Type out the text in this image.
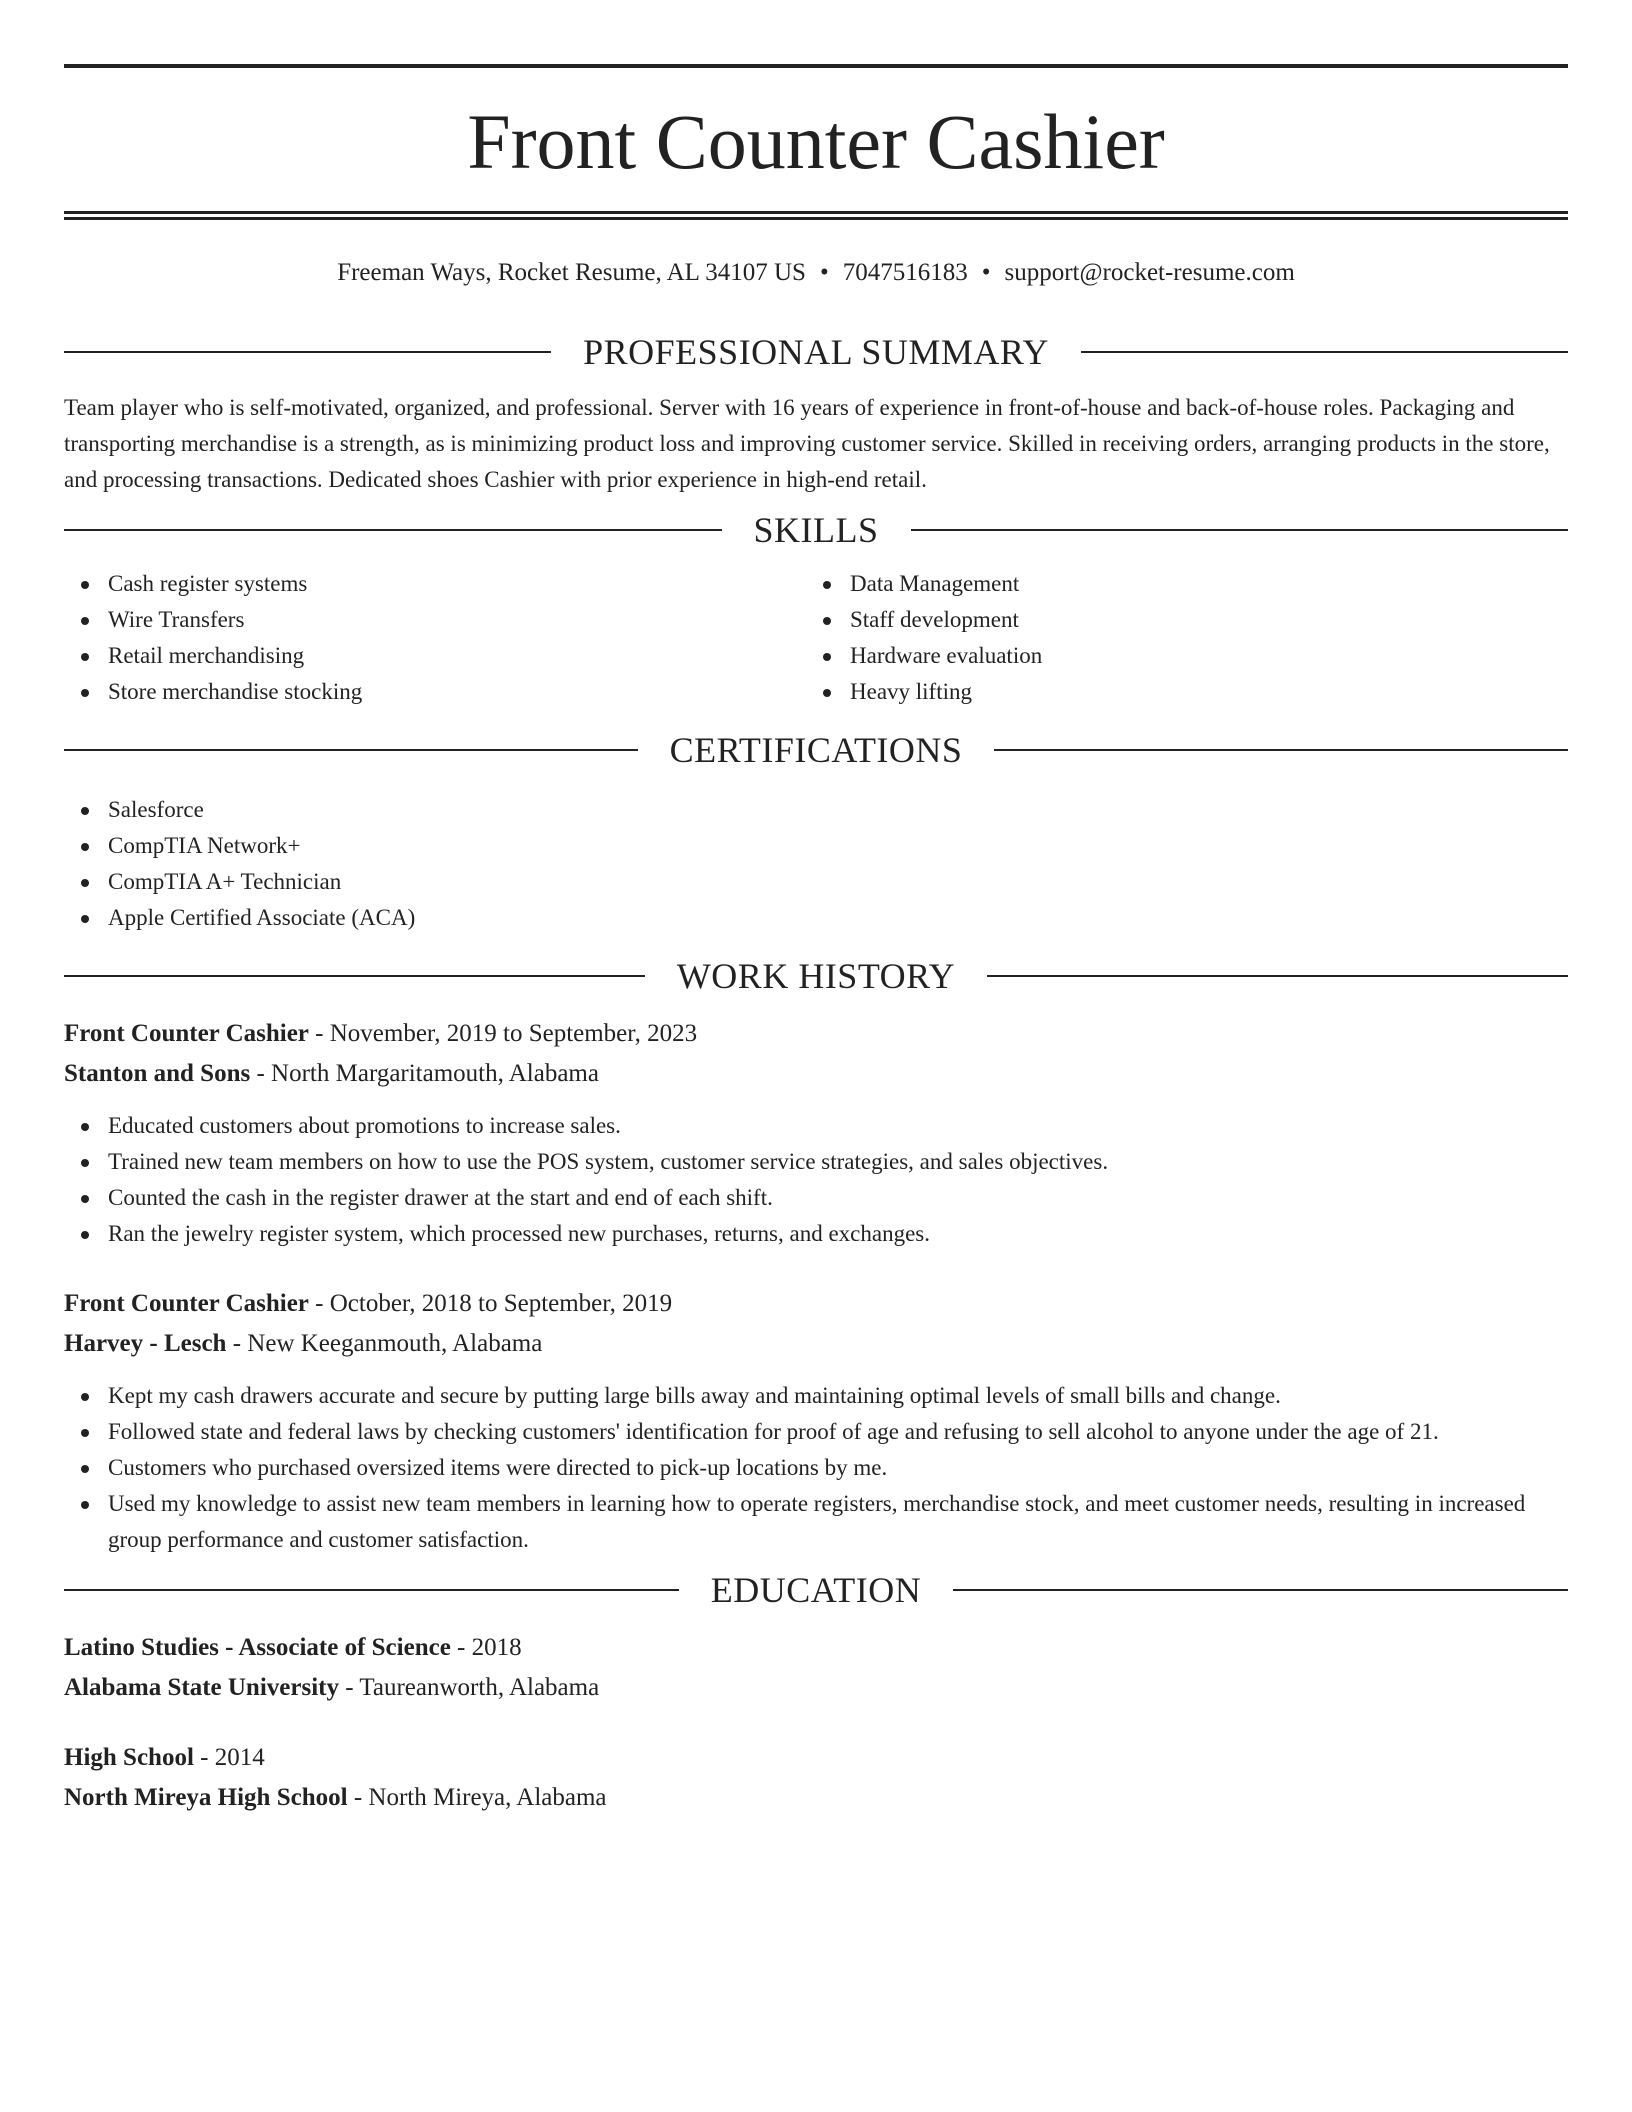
Front Counter Cashier
Freeman Ways, Rocket Resume, AL 34107 US • 7047516183 • support@rocket-resume.com
PROFESSIONAL SUMMARY

Team player who is self-motivated, organized, and professional. Server with 16 years of experience in front-of-house and back-of-house roles. Packaging and transporting merchandise is a strength, as is minimizing product loss and improving customer service. Skilled in receiving orders, arranging products in the store, and processing transactions. Dedicated shoes Cashier with prior experience in high-end retail.

SKILLS
Cash register systems
Wire Transfers
Retail merchandising
Store merchandise stocking
Data Management
Staff development
Hardware evaluation
Heavy lifting
CERTIFICATIONS
Salesforce
CompTIA Network+
CompTIA A+ Technician
Apple Certified Associate (ACA)
WORK HISTORY
Front Counter Cashier - November, 2019 to September, 2023
Stanton and Sons - North Margaritamouth, Alabama
Educated customers about promotions to increase sales.
Trained new team members on how to use the POS system, customer service strategies, and sales objectives.
Counted the cash in the register drawer at the start and end of each shift.
Ran the jewelry register system, which processed new purchases, returns, and exchanges.
Front Counter Cashier - October, 2018 to September, 2019
Harvey - Lesch - New Keeganmouth, Alabama
Kept my cash drawers accurate and secure by putting large bills away and maintaining optimal levels of small bills and change.
Followed state and federal laws by checking customers' identification for proof of age and refusing to sell alcohol to anyone under the age of 21.
Customers who purchased oversized items were directed to pick-up locations by me.
Used my knowledge to assist new team members in learning how to operate registers, merchandise stock, and meet customer needs, resulting in increased group performance and customer satisfaction.
EDUCATION
Latino Studies - Associate of Science - 2018
Alabama State University - Taureanworth, Alabama
High School - 2014
North Mireya High School - North Mireya, Alabama
